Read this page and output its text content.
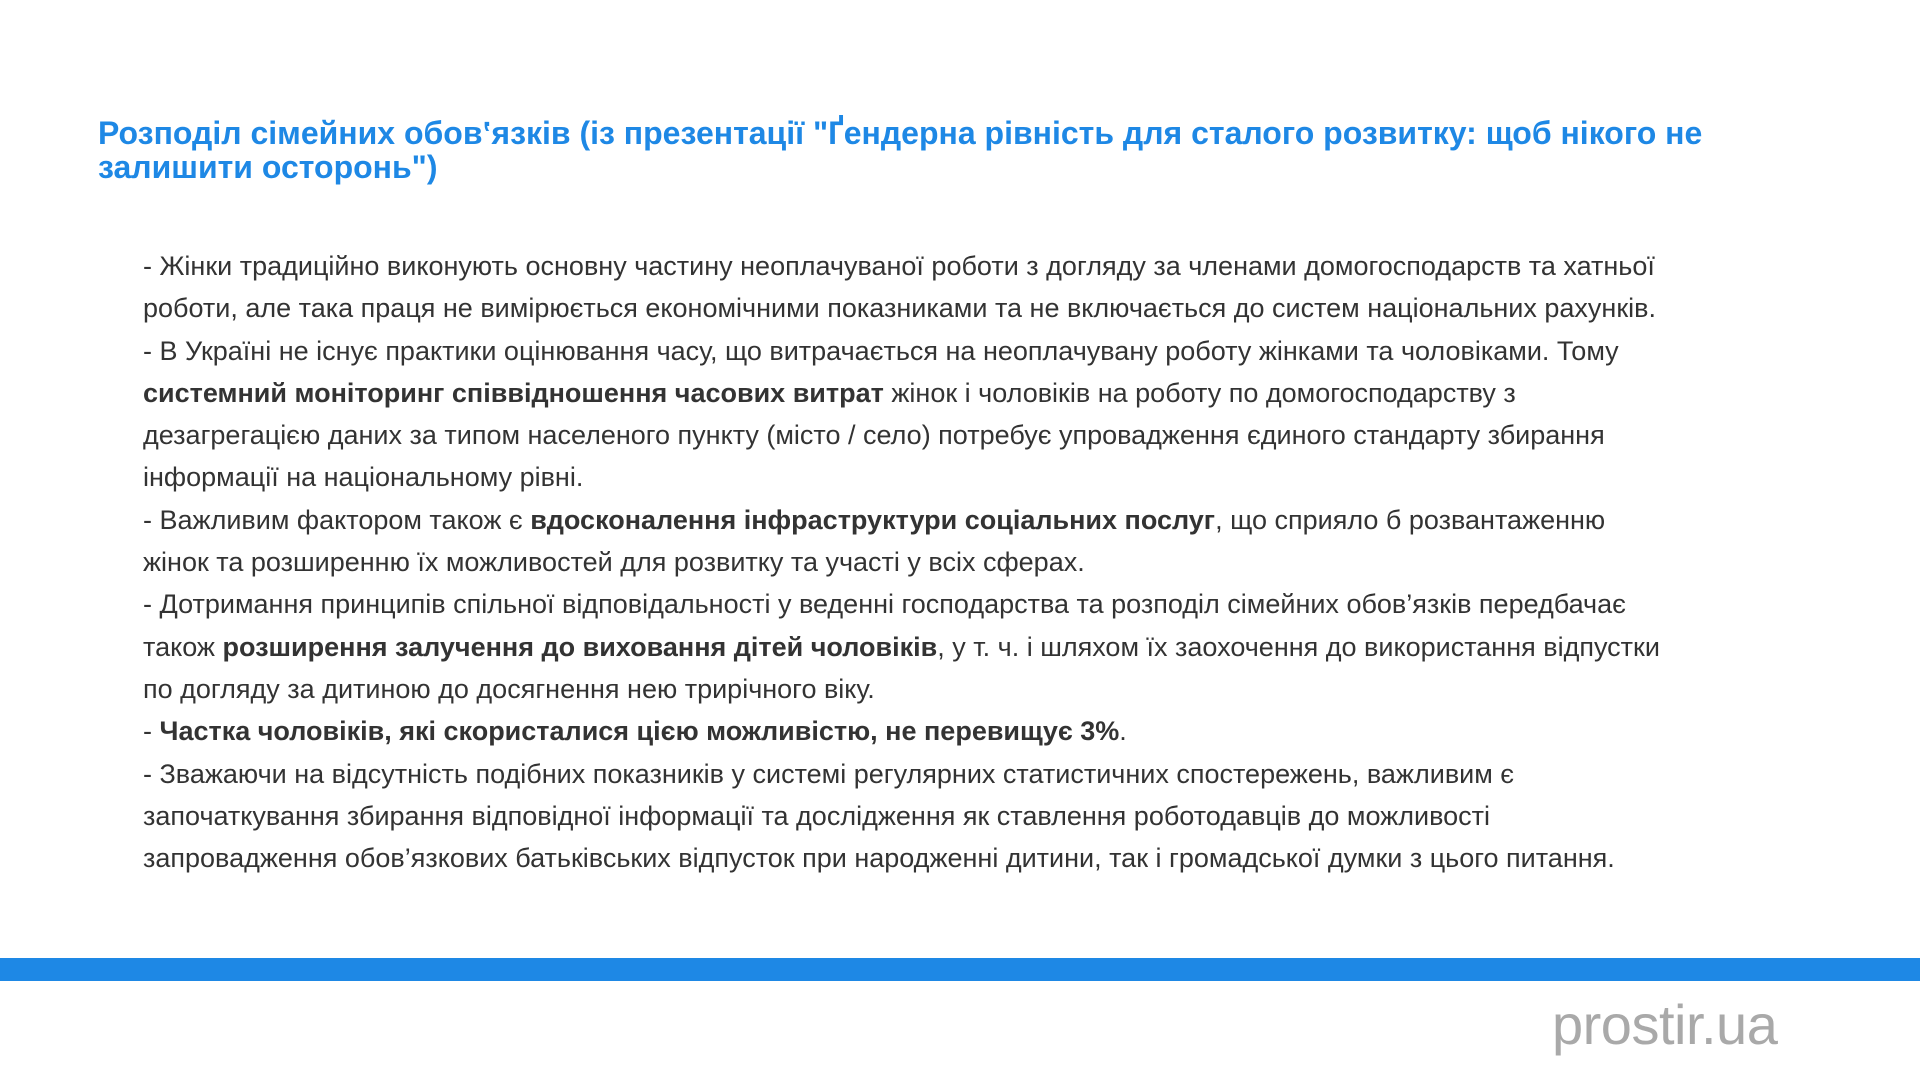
Розподіл сімейних обовʽязків (із презентації "Ґендерна рівність для сталого розвитку: щоб нікого не залишити осторонь")

- Жінки традиційно виконують основну частину неоплачуваної роботи з догляду за членами домогосподарств та хатньої

роботи, але така праця не вимірюється економічними показниками та не включається до систем національних рахунків.

- В Україні не існує практики оцінювання часу, що витрачається на неоплачувану роботу жінками та чоловіками. Тому

системний моніторинг співвідношення часових витрат жінок і чоловіків на роботу по домогосподарству з

дезагрегацією даних за типом населеного пункту (місто / село) потребує упровадження єдиного стандарту збирання

інформації на національному рівні.

- Важливим фактором також є вдосконалення інфраструктури соціальних послуг, що сприяло б розвантаженню

жінок та розширенню їх можливостей для розвитку та участі у всіх сферах.

- Дотримання принципів спільної відповідальності у веденні господарства та розподіл сімейних обов’язків передбачає

також розширення залучення до виховання дітей чоловіків, у т. ч. і шляхом їх заохочення до використання відпустки

по догляду за дитиною до досягнення нею трирічного віку.

- Частка чоловіків, які скористалися цією можливістю, не перевищує 3%.

- Зважаючи на відсутність подібних показників у системі регулярних статистичних спостережень, важливим є

започаткування збирання відповідної інформації та дослідження як ставлення роботодавців до можливості

запровадження обов’язкових батьківських відпусток при народженні дитини, так і громадської думки з цього питання.

prostir.ua
